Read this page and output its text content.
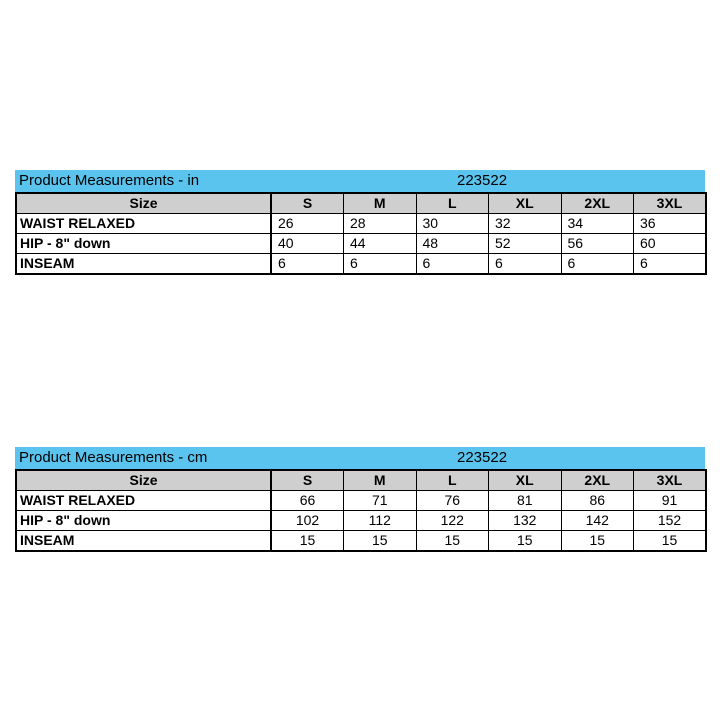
Product Measurements - in	223522
Size	S	M	L	XL	2XL	3XL
WAIST RELAXED	26	28	30	32	34	36
HIP - 8" down	40	44	48	52	56	60
INSEAM	6	6	6	6	6	6
Product Measurements - cm	223522
Size	S	M	L	XL	2XL	3XL
WAIST RELAXED	66	71	76	81	86	91
HIP - 8" down	102	112	122	132	142	152
INSEAM	15	15	15	15	15	15
